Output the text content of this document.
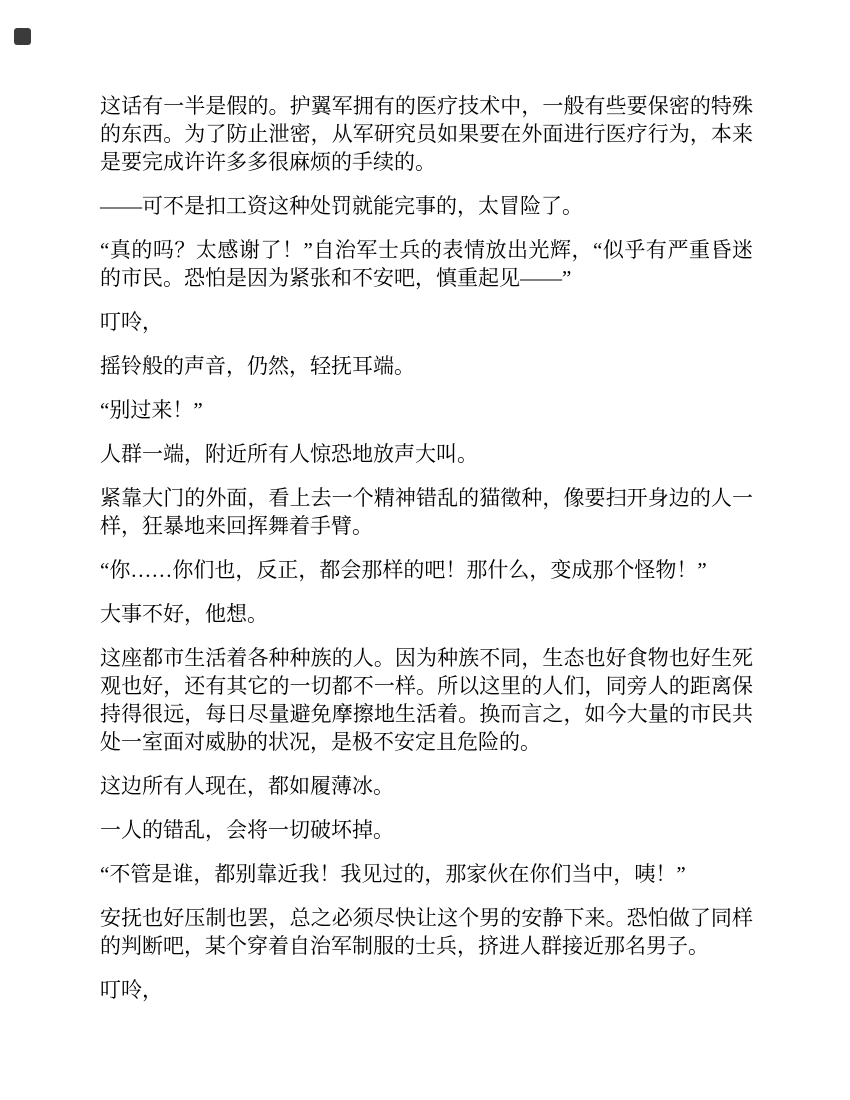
这话有一半是假的。护翼军拥有的医疗技术中，一般有些要保密的特殊的东西。为了防止泄密，从军研究员如果要在外面进行医疗行为，本来是要完成许许多多很麻烦的手续的。

——可不是扣工资这种处罚就能完事的，太冒险了。

“真的吗？太感谢了！”自治军士兵的表情放出光辉，“似乎有严重昏迷的市民。恐怕是因为紧张和不安吧，慎重起见——”

叮呤，

摇铃般的声音，仍然，轻抚耳端。

“别过来！”

人群一端，附近所有人惊恐地放声大叫。

紧靠大门的外面，看上去一个精神错乱的猫徵种，像要扫开身边的人一样，狂暴地来回挥舞着手臂。

“你……你们也，反正，都会那样的吧！那什么，变成那个怪物！”

大事不好，他想。

这座都市生活着各种种族的人。因为种族不同，生态也好食物也好生死观也好，还有其它的一切都不一样。所以这里的人们，同旁人的距离保持得很远，每日尽量避免摩擦地生活着。换而言之，如今大量的市民共处一室面对威胁的状况，是极不安定且危险的。

这边所有人现在，都如履薄冰。

一人的错乱，会将一切破坏掉。

“不管是谁，都别靠近我！我见过的，那家伙在你们当中，咦！”

安抚也好压制也罢，总之必须尽快让这个男的安静下来。恐怕做了同样的判断吧，某个穿着自治军制服的士兵，挤进人群接近那名男子。

叮呤，
